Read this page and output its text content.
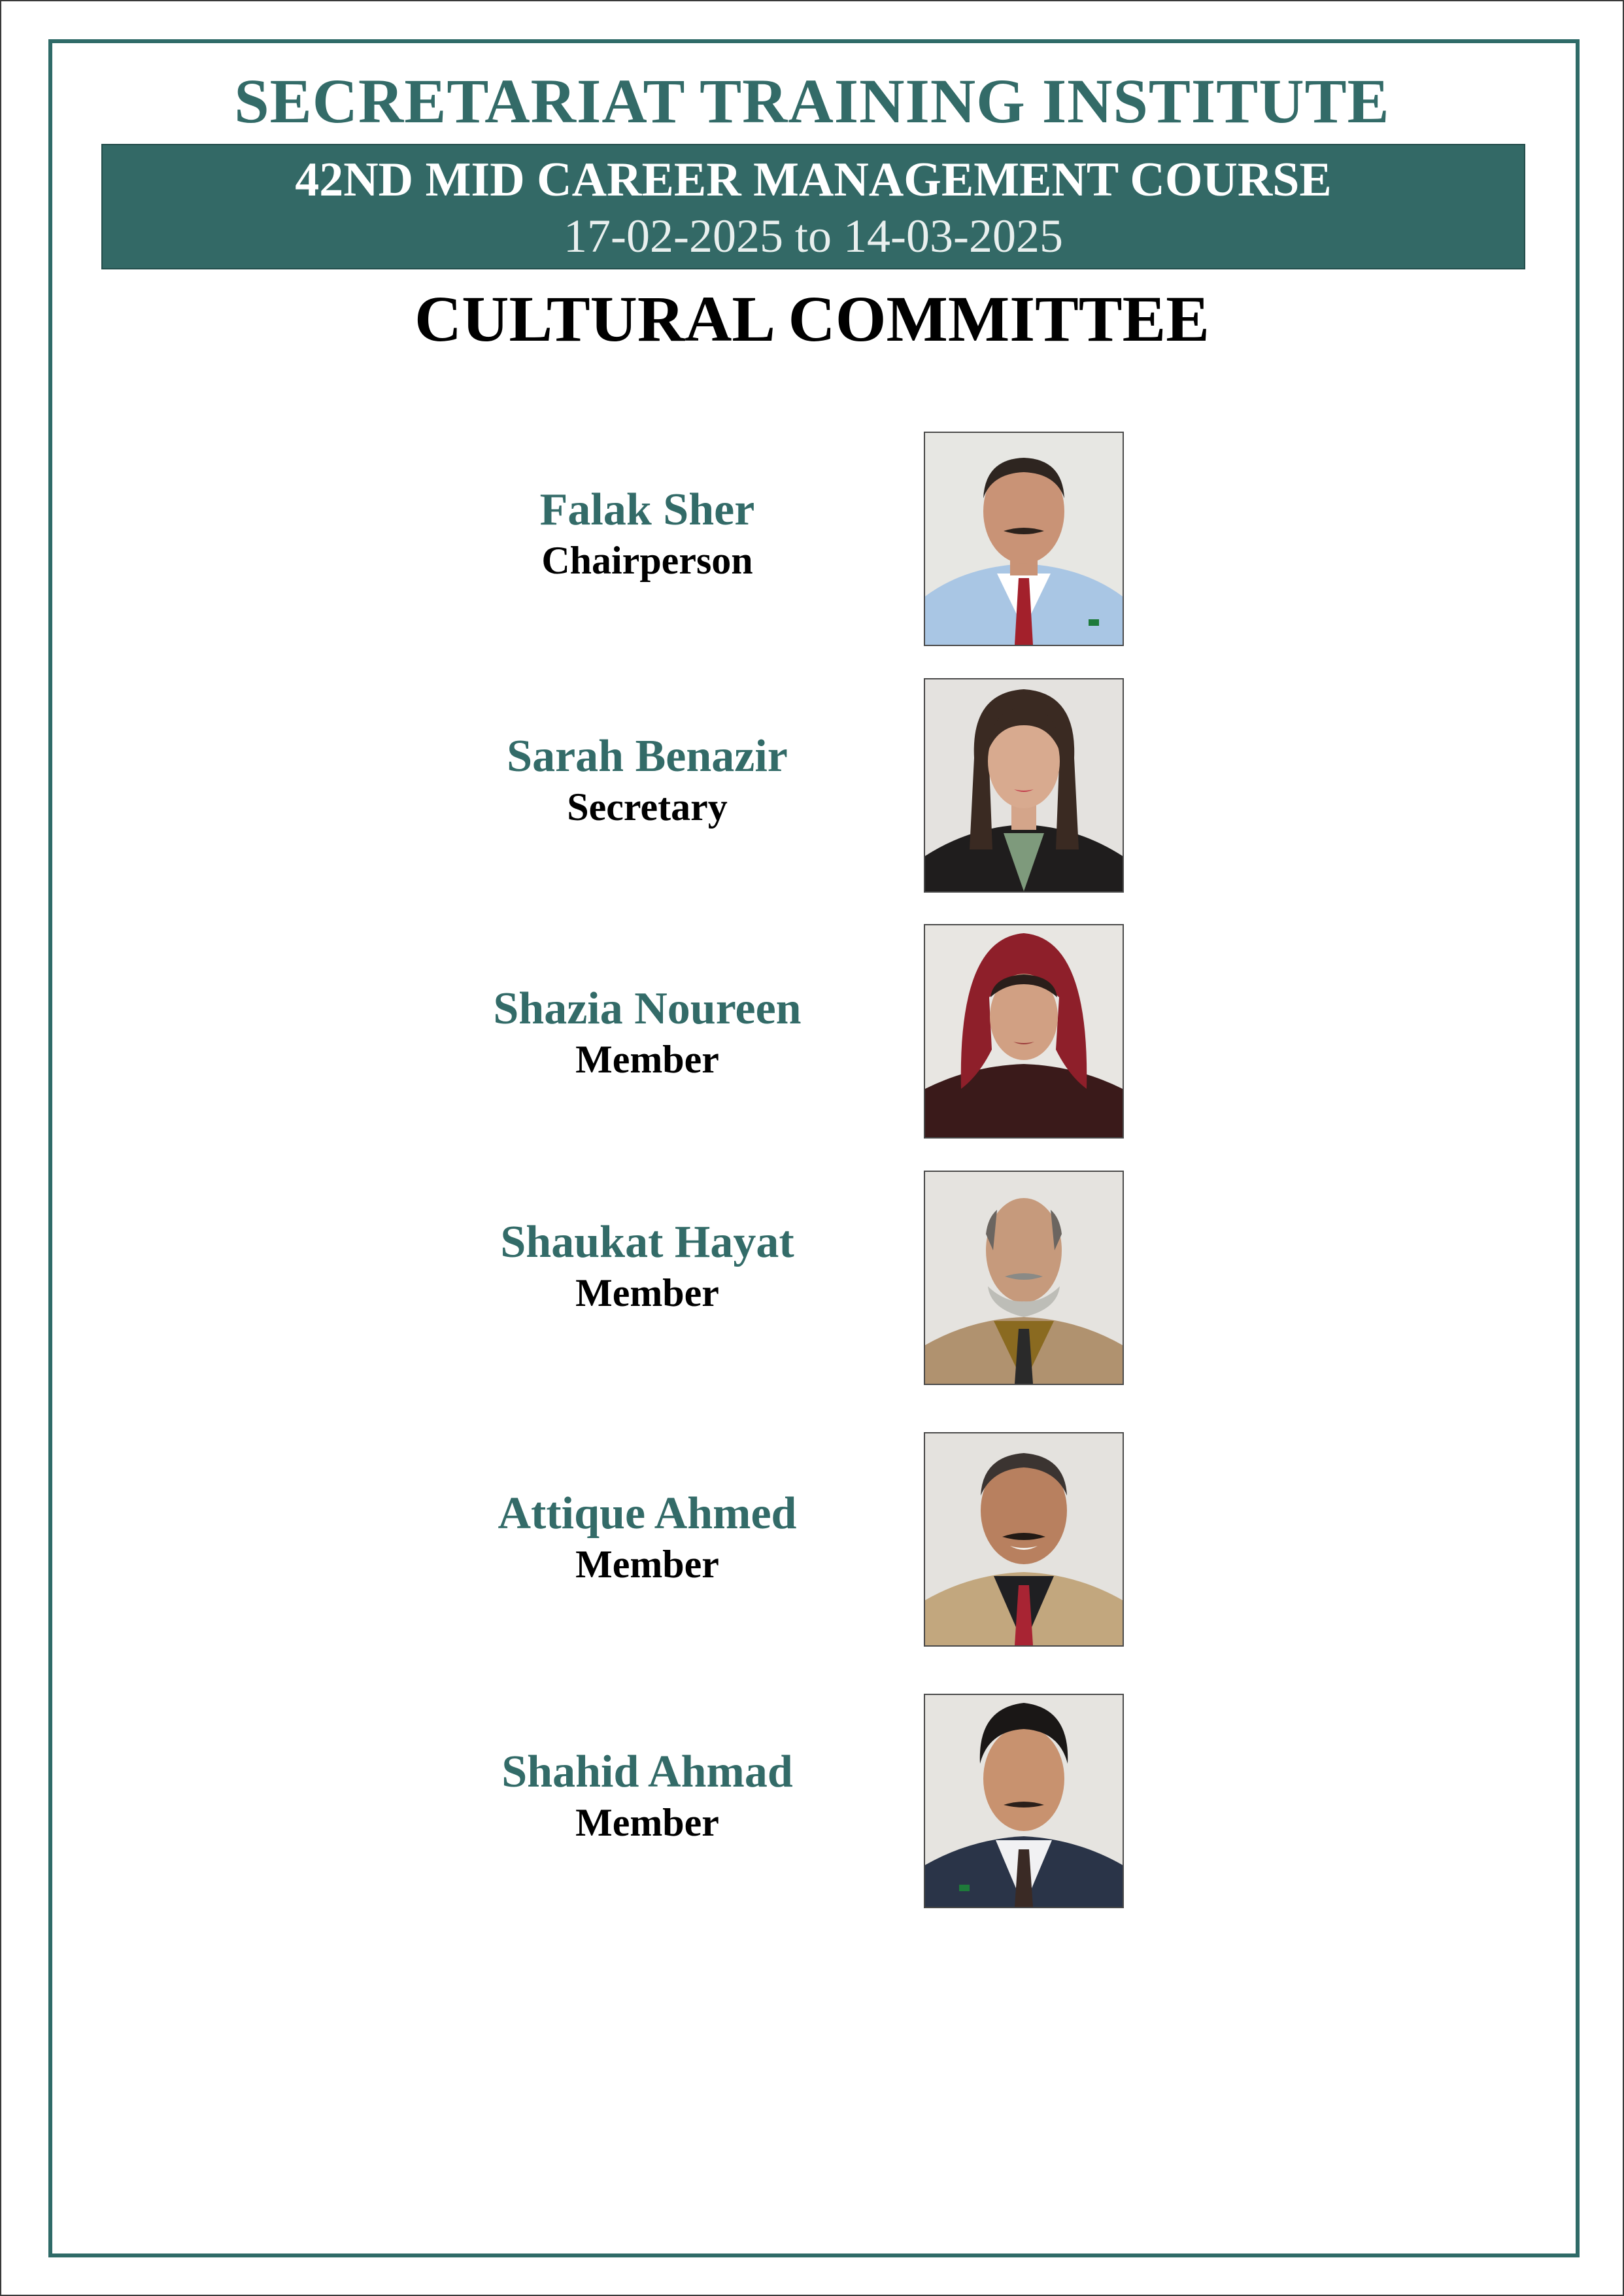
SECRETARIAT TRAINING INSTITUTE
42ND MID CAREER MANAGEMENT COURSE
17-02-2025 to 14-03-2025
CULTURAL COMMITTEE
Falak Sher
Chairperson
Sarah Benazir
Secretary
Shazia Noureen
Member
Shaukat Hayat
Member
Attique Ahmed
Member
Shahid Ahmad
Member
